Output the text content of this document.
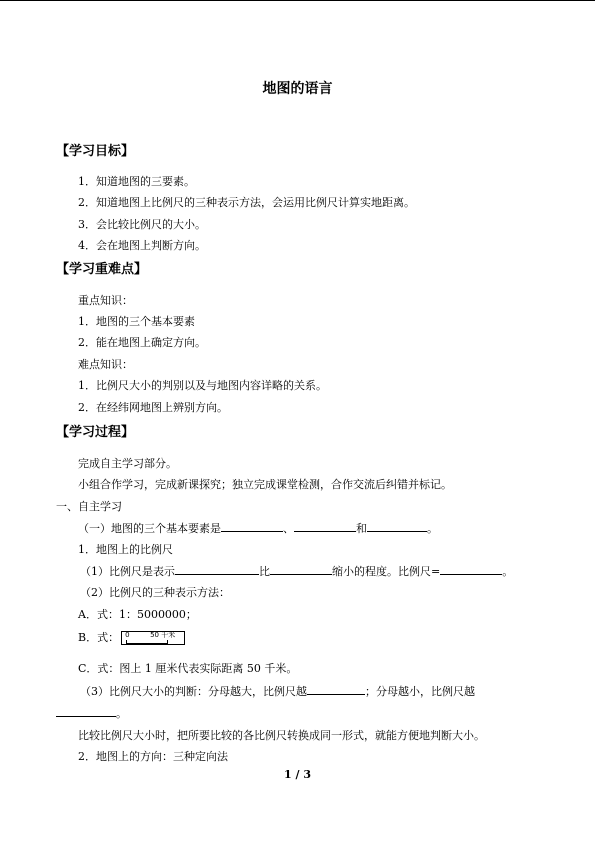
地图的语言
【学习目标】
1．知道地图的三要素。
2．知道地图上比例尺的三种表示方法，会运用比例尺计算实地距离。
3．会比较比例尺的大小。
4．会在地图上判断方向。
【学习重难点】
重点知识：
1．地图的三个基本要素
2．能在地图上确定方向。
难点知识：
1．比例尺大小的判别以及与地图内容详略的关系。
2．在经纬网地图上辨别方向。
【学习过程】
完成自主学习部分。
小组合作学习，完成新课探究；独立完成课堂检测，合作交流后纠错并标记。
一、自主学习
（一）地图的三个基本要素是	、	和	。
1．地图上的比例尺
（1）比例尺是表示	比	缩小的程度。比例尺=	。
（2）比例尺的三种表示方法：
A．式：1：5000000；
B．式： 0	50 千米
C．式：图上 1 厘米代表实际距离 50 千米。
（3）比例尺大小的判断：分母越大，比例尺越	；分母越小，比例尺越
。
比较比例尺大小时，把所要比较的各比例尺转换成同一形式，就能方便地判断大小。
2．地图上的方向：三种定向法
1 / 3
